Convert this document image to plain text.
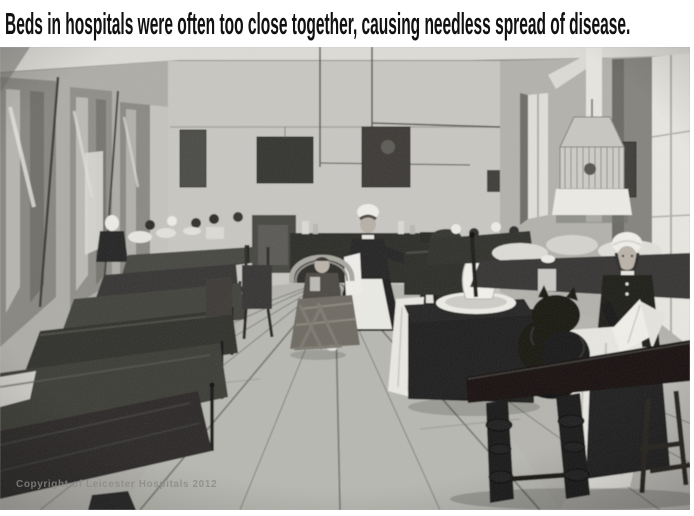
Beds in hospitals were often too close together, causing needless spread of disease.
Copyright of Leicester Hospitals 2012
